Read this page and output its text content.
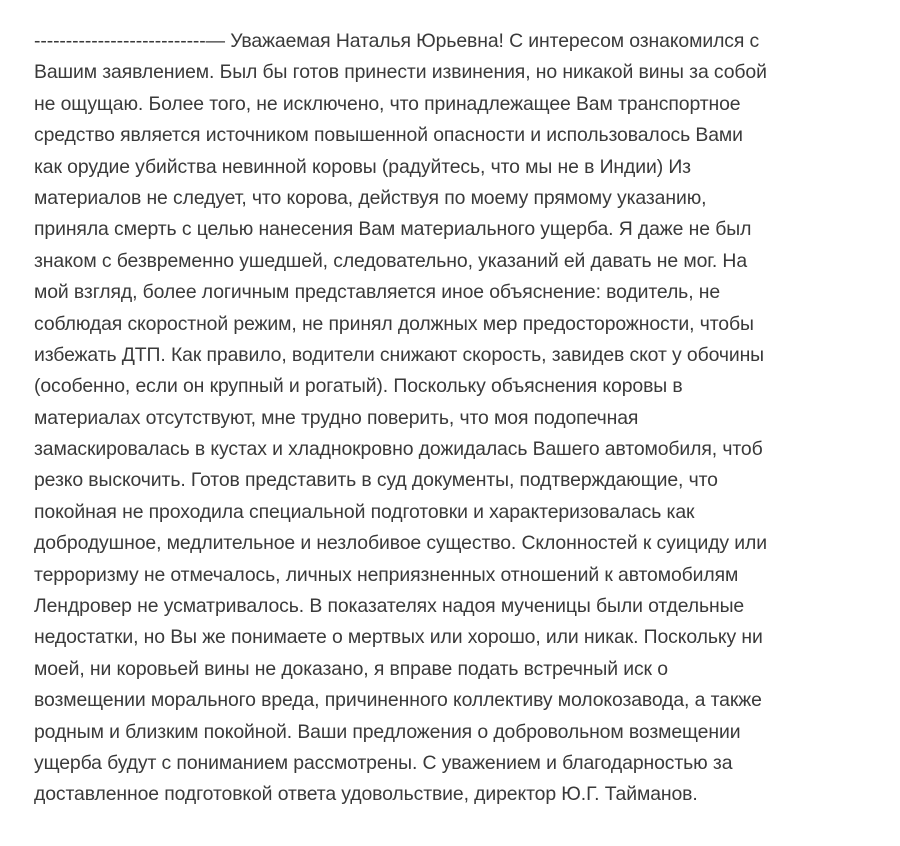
---------------------------— Уважаемая Наталья Юрьевна! С интересом ознакомился с
Вашим заявлением. Был бы готов принести извинения, но никакой вины за собой
не ощущаю. Более того, не исключено, что принадлежащее Вам транспортное
средство является источником повышенной опасности и использовалось Вами
как орудие убийства невинной коровы (радуйтесь, что мы не в Индии) Из
материалов не следует, что корова, действуя по моему прямому указанию,
приняла смерть с целью нанесения Вам материального ущерба. Я даже не был
знаком с безвременно ушедшей, следовательно, указаний ей давать не мог. На
мой взгляд, более логичным представляется иное объяснение: водитель, не
соблюдая скоростной режим, не принял должных мер предосторожности, чтобы
избежать ДТП. Как правило, водители снижают скорость, завидев скот у обочины
(особенно, если он крупный и рогатый). Поскольку объяснения коровы в
материалах отсутствуют, мне трудно поверить, что моя подопечная
замаскировалась в кустах и хладнокровно дожидалась Вашего автомобиля, чтоб
резко выскочить. Готов представить в суд документы, подтверждающие, что
покойная не проходила специальной подготовки и характеризовалась как
добродушное, медлительное и незлобивое существо. Склонностей к суициду или
терроризму не отмечалось, личных неприязненных отношений к автомобилям
Лендровер не усматривалось. В показателях надоя мученицы были отдельные
недостатки, но Вы же понимаете о мертвых или хорошо, или никак. Поскольку ни
моей, ни коровьей вины не доказано, я вправе подать встречный иск о
возмещении морального вреда, причиненного коллективу молокозавода, а также
родным и близким покойной. Ваши предложения о добровольном возмещении
ущерба будут с пониманием рассмотрены. С уважением и благодарностью за
доставленное подготовкой ответа удовольствие, директор Ю.Г. Тайманов.
